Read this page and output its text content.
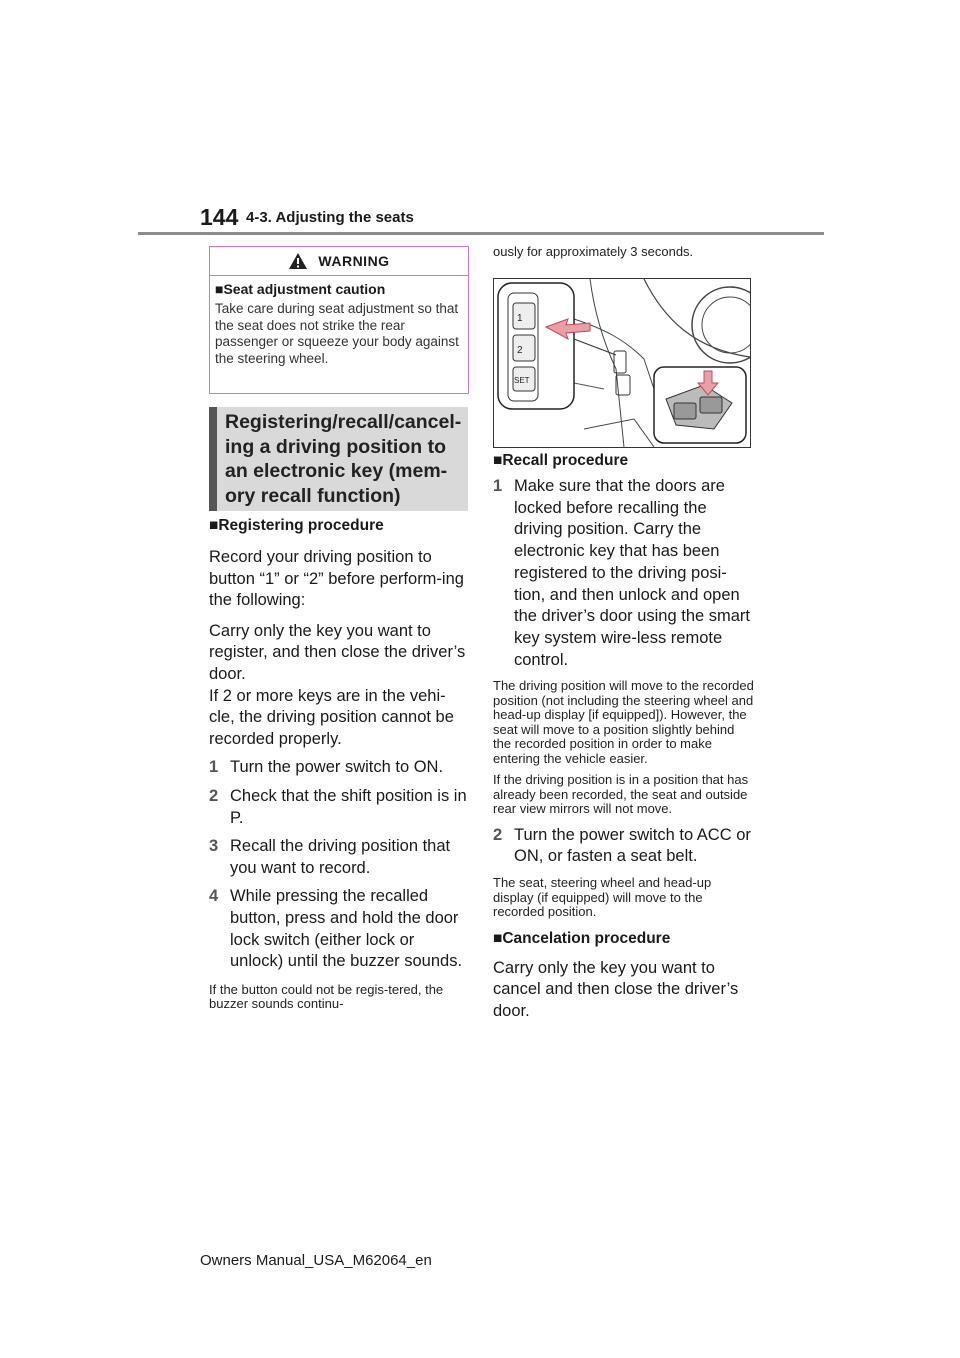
144 4-3. Adjusting the seats
WARNING
■Seat adjustment caution
Take care during seat adjustment so that the seat does not strike the rear passenger or squeeze your body against the steering wheel.
Registering/recall/cancel-ing a driving position to an electronic key (mem-ory recall function)
■Registering procedure
Record your driving position to button “1” or “2” before perform-ing the following:
Carry only the key you want to register, and then close the driver’s door.
If 2 or more keys are in the vehi-cle, the driving position cannot be recorded properly.
1 Turn the power switch to ON.
2 Check that the shift position is in P.
3 Recall the driving position that you want to record.
4 While pressing the recalled button, press and hold the door lock switch (either lock or unlock) until the buzzer sounds.
If the button could not be regis-tered, the buzzer sounds continu-
ously for approximately 3 seconds.
1
2
SET
■Recall procedure
1 Make sure that the doors are locked before recalling the driving position. Carry the electronic key that has been registered to the driving posi-tion, and then unlock and open the driver’s door using the smart key system wire-less remote control.
The driving position will move to the recorded position (not including the steering wheel and head-up display [if equipped]). However, the seat will move to a position slightly behind the recorded position in order to make entering the vehicle easier.
If the driving position is in a position that has already been recorded, the seat and outside rear view mirrors will not move.
2 Turn the power switch to ACC or ON, or fasten a seat belt.
The seat, steering wheel and head-up display (if equipped) will move to the recorded position.
■Cancelation procedure
Carry only the key you want to cancel and then close the driver’s door.
Owners Manual_USA_M62064_en
